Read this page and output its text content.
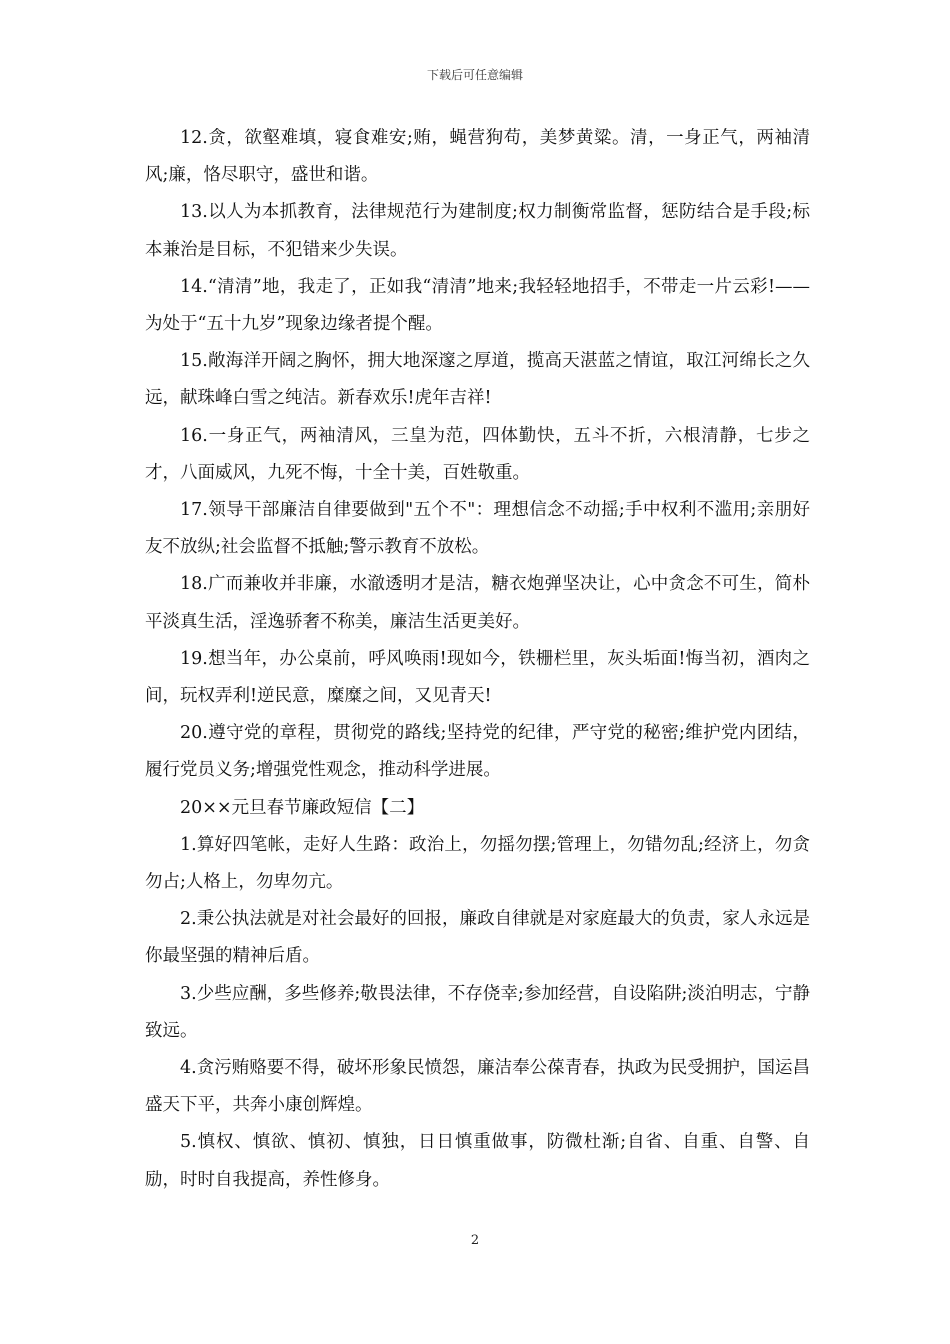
下载后可任意编辑

12.贪，欲壑难填，寝食难安;贿，蝇营狗苟，美梦黄粱。清，一身正气，两袖清风;廉，恪尽职守，盛世和谐。

13.以人为本抓教育，法律规范行为建制度;权力制衡常监督，惩防结合是手段;标本兼治是目标，不犯错来少失误。

14.“清清”地，我走了，正如我“清清”地来;我轻轻地招手，不带走一片云彩!——为处于“五十九岁”现象边缘者提个醒。

15.敞海洋开阔之胸怀，拥大地深邃之厚道，揽高天湛蓝之情谊，取江河绵长之久远，献珠峰白雪之纯洁。新春欢乐!虎年吉祥!

16.一身正气，两袖清风，三皇为范，四体勤快，五斗不折，六根清静，七步之才，八面威风，九死不悔，十全十美，百姓敬重。

17.领导干部廉洁自律要做到"五个不"：理想信念不动摇;手中权利不滥用;亲朋好友不放纵;社会监督不抵触;警示教育不放松。

18.广而兼收并非廉，水澈透明才是洁，糖衣炮弹坚决让，心中贪念不可生，简朴平淡真生活，淫逸骄奢不称美，廉洁生活更美好。

19.想当年，办公桌前，呼风唤雨!现如今，铁栅栏里，灰头垢面!悔当初，酒肉之间，玩权弄利!逆民意，糜糜之间，又见青天!

20.遵守党的章程，贯彻党的路线;坚持党的纪律，严守党的秘密;维护党内团结，履行党员义务;增强党性观念，推动科学进展。

20××元旦春节廉政短信【二】

1.算好四笔帐，走好人生路：政治上，勿摇勿摆;管理上，勿错勿乱;经济上，勿贪勿占;人格上，勿卑勿亢。

2.秉公执法就是对社会最好的回报，廉政自律就是对家庭最大的负责，家人永远是你最坚强的精神后盾。

3.少些应酬，多些修养;敬畏法律，不存侥幸;参加经营，自设陷阱;淡泊明志，宁静致远。

4.贪污贿赂要不得，破坏形象民愤怨，廉洁奉公葆青春，执政为民受拥护，国运昌盛天下平，共奔小康创辉煌。

5.慎权、慎欲、慎初、慎独，日日慎重做事，防微杜渐;自省、自重、自警、自励，时时自我提高，养性修身。

2
